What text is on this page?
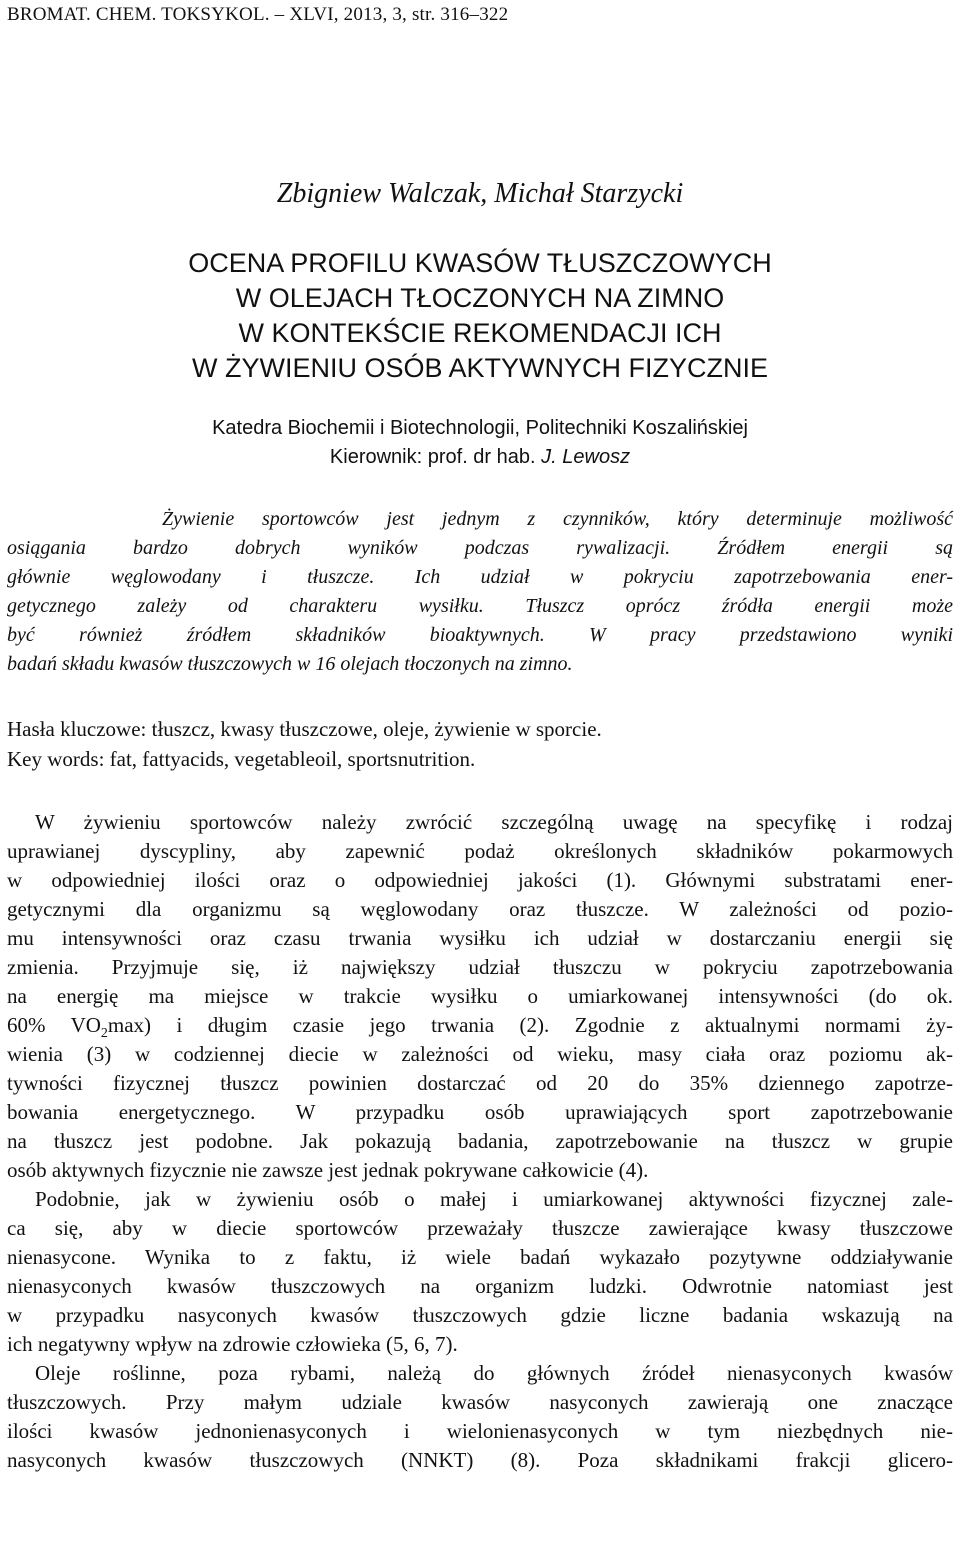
BROMAT. CHEM. TOKSYKOL. – XLVI, 2013, 3, str. 316–322
Zbigniew Walczak, Michał Starzycki
OCENA PROFILU KWASÓW TŁUSZCZOWYCH
W OLEJACH TŁOCZONYCH NA ZIMNO
W KONTEKŚCIE REKOMENDACJI ICH
W ŻYWIENIU OSÓB AKTYWNYCH FIZYCZNIE
Katedra Biochemii i Biotechnologii, Politechniki Koszalińskiej
Kierownik: prof. dr hab. J. Lewosz
Żywienie sportowców jest jednym z czynników, który determinuje możliwość
osiągania bardzo dobrych wyników podczas rywalizacji. Źródłem energii są
głównie węglowodany i tłuszcze. Ich udział w pokryciu zapotrzebowania ener-
getycznego zależy od charakteru wysiłku. Tłuszcz oprócz źródła energii może
być również źródłem składników bioaktywnych. W pracy przedstawiono wyniki
badań składu kwasów tłuszczowych w 16 olejach tłoczonych na zimno.
Hasła kluczowe: tłuszcz, kwasy tłuszczowe, oleje, żywienie w sporcie.
Key words: fat, fattyacids, vegetableoil, sportsnutrition.
W żywieniu sportowców należy zwrócić szczególną uwagę na specyfikę i rodzaj
uprawianej dyscypliny, aby zapewnić podaż określonych składników pokarmowych
w odpowiedniej ilości oraz o odpowiedniej jakości (1). Głównymi substratami ener-
getycznymi dla organizmu są węglowodany oraz tłuszcze. W zależności od pozio-
mu intensywności oraz czasu trwania wysiłku ich udział w dostarczaniu energii się
zmienia. Przyjmuje się, iż największy udział tłuszczu w pokryciu zapotrzebowania
na energię ma miejsce w trakcie wysiłku o umiarkowanej intensywności (do ok.
60% $VO_2\max$) i długim czasie jego trwania (2). Zgodnie z aktualnymi normami ży-
wienia (3) w codziennej diecie w zależności od wieku, masy ciała oraz poziomu ak-
tywności fizycznej tłuszcz powinien dostarczać od 20 do 35% dziennego zapotrze-
bowania energetycznego. W przypadku osób uprawiających sport zapotrzebowanie
na tłuszcz jest podobne. Jak pokazują badania, zapotrzebowanie na tłuszcz w grupie
osób aktywnych fizycznie nie zawsze jest jednak pokrywane całkowicie (4).
Podobnie, jak w żywieniu osób o małej i umiarkowanej aktywności fizycznej zale-
ca się, aby w diecie sportowców przeważały tłuszcze zawierające kwasy tłuszczowe
nienasycone. Wynika to z faktu, iż wiele badań wykazało pozytywne oddziaływanie
nienasyconych kwasów tłuszczowych na organizm ludzki. Odwrotnie natomiast jest
w przypadku nasyconych kwasów tłuszczowych gdzie liczne badania wskazują na
ich negatywny wpływ na zdrowie człowieka (5, 6, 7).
Oleje roślinne, poza rybami, należą do głównych źródeł nienasyconych kwasów
tłuszczowych. Przy małym udziale kwasów nasyconych zawierają one znaczące
ilości kwasów jednonienasyconych i wielonienasyconych w tym niezbędnych nie-
nasyconych kwasów tłuszczowych (NNKT) (8). Poza składnikami frakcji glicero-
